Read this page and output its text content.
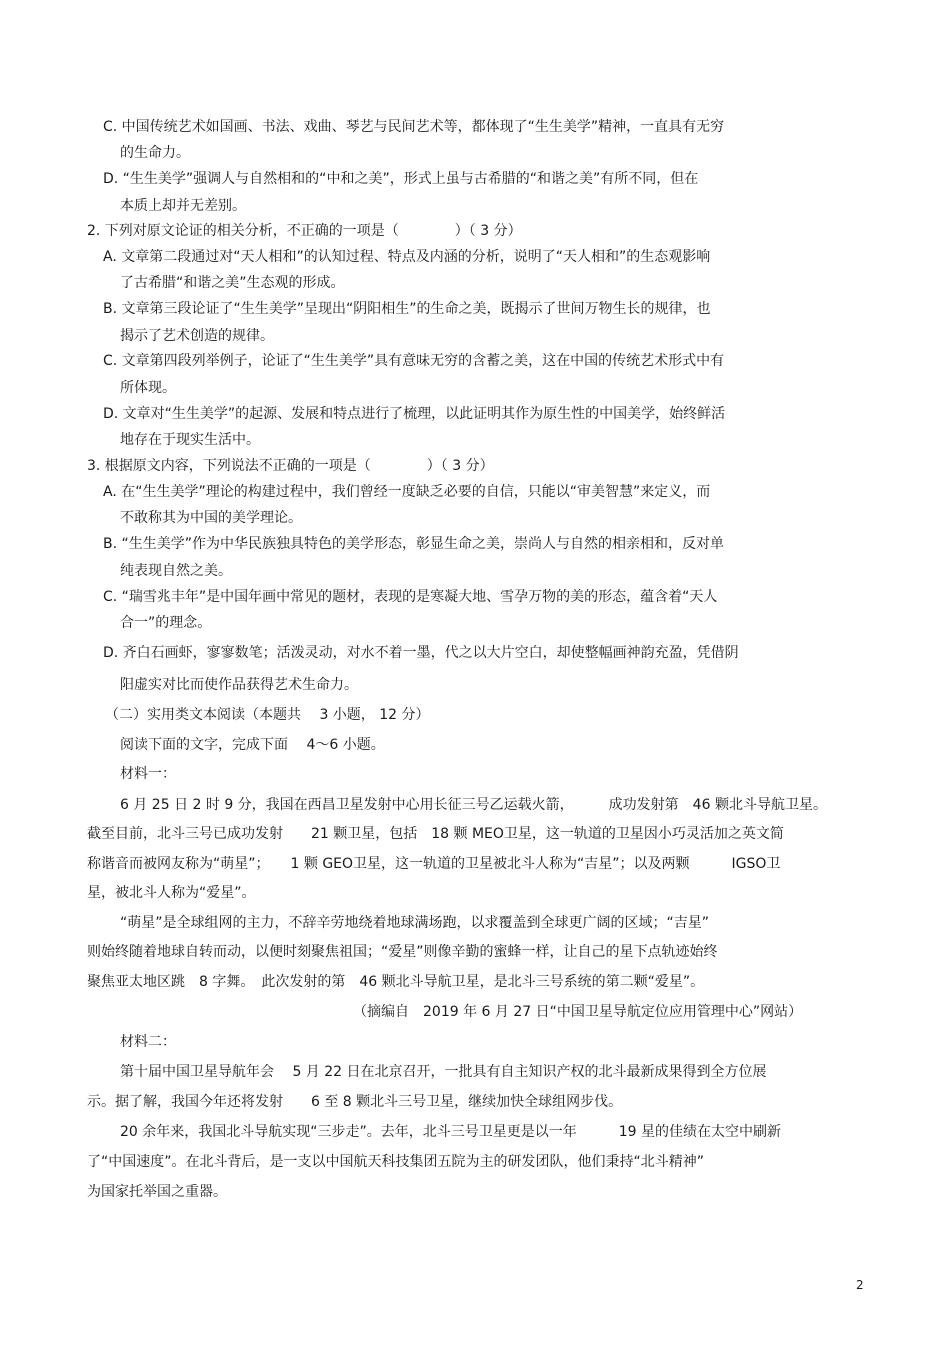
C. 中国传统艺术如国画、书法、戏曲、琴艺与民间艺术等，都体现了“生生美学”精神，一直具有无穷
的生命力。
D. “生生美学”强调人与自然相和的“中和之美”，形式上虽与古希腊的“和谐之美”有所不同，但在
本质上却并无差别。
2. 下列对原文论证的相关分析，不正确的一项是（　　　　）（ 3 分）
A. 文章第二段通过对“天人相和”的认知过程、特点及内涵的分析，说明了“天人相和”的生态观影响
了古希腊“和谐之美”生态观的形成。
B. 文章第三段论证了“生生美学”呈现出“阴阳相生”的生命之美，既揭示了世间万物生长的规律，也
揭示了艺术创造的规律。
C. 文章第四段列举例子，论证了“生生美学”具有意味无穷的含蓄之美，这在中国的传统艺术形式中有
所体现。
D. 文章对“生生美学”的起源、发展和特点进行了梳理，以此证明其作为原生性的中国美学，始终鲜活
地存在于现实生活中。
3. 根据原文内容，下列说法不正确的一项是（　　　　）（ 3 分）
A. 在“生生美学”理论的构建过程中，我们曾经一度缺乏必要的自信，只能以“审美智慧”来定义，而
不敢称其为中国的美学理论。
B. “生生美学”作为中华民族独具特色的美学形态，彰显生命之美，崇尚人与自然的相亲相和，反对单
纯表现自然之美。
C. “瑞雪兆丰年”是中国年画中常见的题材，表现的是寒凝大地、雪孕万物的美的形态，蕴含着“天人
合一”的理念。
D. 齐白石画虾，寥寥数笔；活泼灵动，对水不着一墨，代之以大片空白，却使整幅画神韵充盈，凭借阴
阳虚实对比而使作品获得艺术生命力。
（二）实用类文本阅读（本题共　 3 小题， 12 分）
阅读下面的文字，完成下面　 4～6 小题。
材料一：
6 月 25 日 2 时 9 分，我国在西昌卫星发射中心用长征三号乙运载火箭，　　　成功发射第　46 颗北斗导航卫星。
截至目前，北斗三号已成功发射　　21 颗卫星，包括　18 颗 MEO卫星，这一轨道的卫星因小巧灵活加之英文简
称谐音而被网友称为“萌星”；　　1 颗 GEO卫星，这一轨道的卫星被北斗人称为“吉星”；以及两颗　　　IGSO卫
星，被北斗人称为“爱星”。
“萌星”是全球组网的主力，不辞辛劳地绕着地球满场跑，以求覆盖到全球更广阔的区域；“吉星”
则始终随着地球自转而动，以便时刻聚焦祖国；“爱星”则像辛勤的蜜蜂一样，让自己的星下点轨迹始终
聚焦亚太地区跳　8 字舞。　此次发射的第　46 颗北斗导航卫星，是北斗三号系统的第二颗“爱星”。
（摘编自　2019 年 6 月 27 日“中国卫星导航定位应用管理中心”网站）
材料二：
第十届中国卫星导航年会　 5 月 22 日在北京召开，一批具有自主知识产权的北斗最新成果得到全方位展
示。据了解，我国今年还将发射　　6 至 8 颗北斗三号卫星，继续加快全球组网步伐。
20 余年来，我国北斗导航实现“三步走”。去年，北斗三号卫星更是以一年　　　19 星的佳绩在太空中刷新
了“中国速度”。在北斗背后，是一支以中国航天科技集团五院为主的研发团队，他们秉持“北斗精神”
为国家托举国之重器。
2
